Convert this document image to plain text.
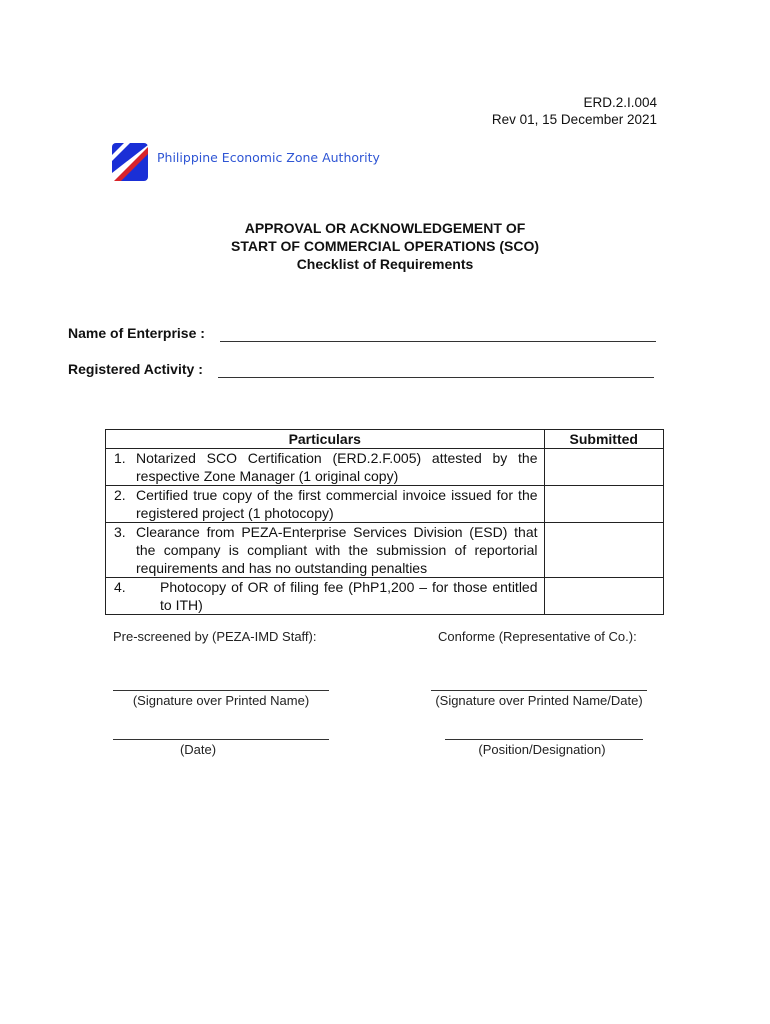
ERD.2.I.004
Rev 01, 15 December 2021
Philippine Economic Zone Authority
APPROVAL OR ACKNOWLEDGEMENT OF
START OF COMMERCIAL OPERATIONS (SCO)
Checklist of Requirements
Name of Enterprise :
Registered Activity :
Particulars	Submitted

1. Notarized SCO Certification (ERD.2.F.005) attested by the respective Zone Manager (1 original copy)	

2. Certified true copy of the first commercial invoice issued for the registered project (1 photocopy)	

3. Clearance from PEZA-Enterprise Services Division (ESD) that the company is compliant with the submission of reportorial requirements and has no outstanding penalties	

4. Photocopy of OR of filing fee (PhP1,200 – for those entitled to ITH)	

Pre-screened by (PEZA-IMD Staff):	Conforme (Representative of Co.):
(Signature over Printed Name)	(Signature over Printed Name/Date)
(Date)	(Position/Designation)
